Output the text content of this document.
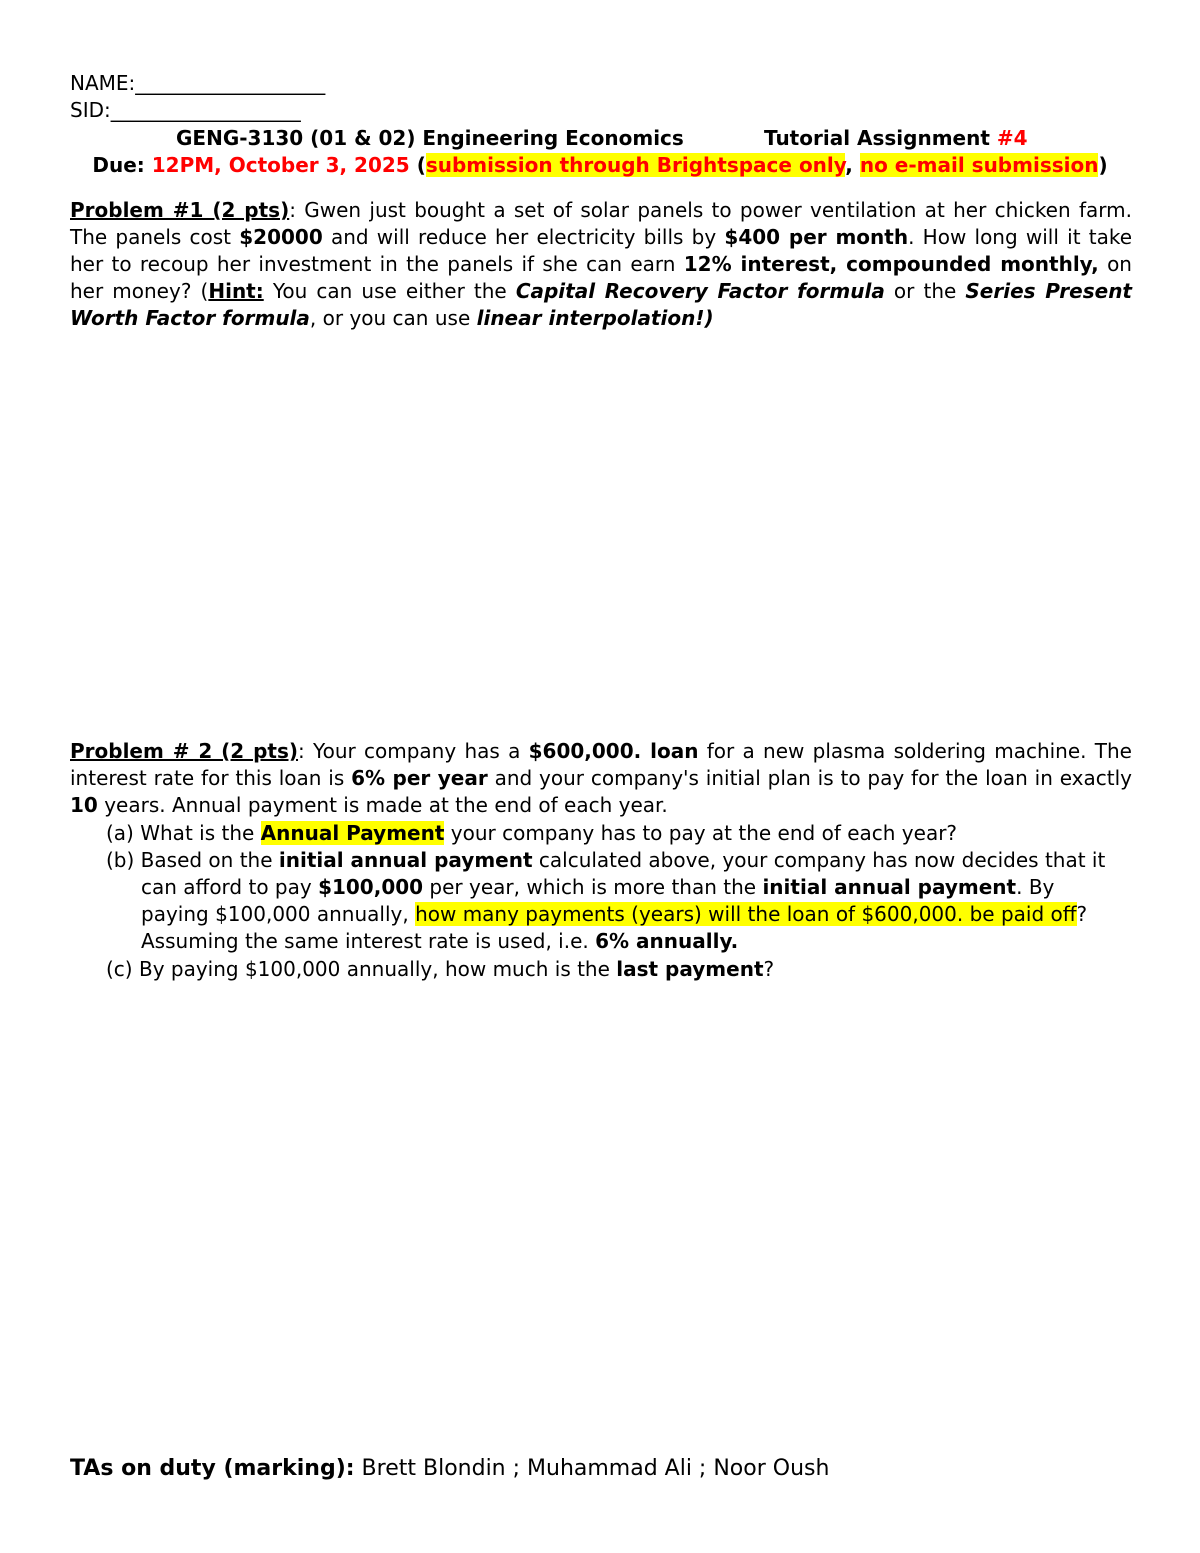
NAME:___________________
SID:___________________
GENG-3130 (01 & 02) Engineering Economics	Tutorial Assignment #4
Due: 12PM, October 3, 2025 (submission through Brightspace only, no e-mail submission)
Problem #1 (2 pts): Gwen just bought a set of solar panels to power ventilation at her chicken farm. The panels cost $20000 and will reduce her electricity bills by $400 per month. How long will it take her to recoup her investment in the panels if she can earn 12% interest, compounded monthly, on her money? (Hint: You can use either the Capital Recovery Factor formula or the Series Present Worth Factor formula, or you can use linear interpolation!)
Problem # 2 (2 pts): Your company has a $600,000. loan for a new plasma soldering machine. The interest rate for this loan is 6% per year and your company's initial plan is to pay for the loan in exactly 10 years. Annual payment is made at the end of each year.
(a) What is the Annual Payment your company has to pay at the end of each year?
(b) Based on the initial annual payment calculated above, your company has now decides that it
can afford to pay $100,000 per year, which is more than the initial annual payment. By
paying $100,000 annually, how many payments (years) will the loan of $600,000. be paid off?
Assuming the same interest rate is used, i.e. 6% annually.
(c) By paying $100,000 annually, how much is the last payment?
TAs on duty (marking): Brett Blondin ; Muhammad Ali ; Noor Oush
